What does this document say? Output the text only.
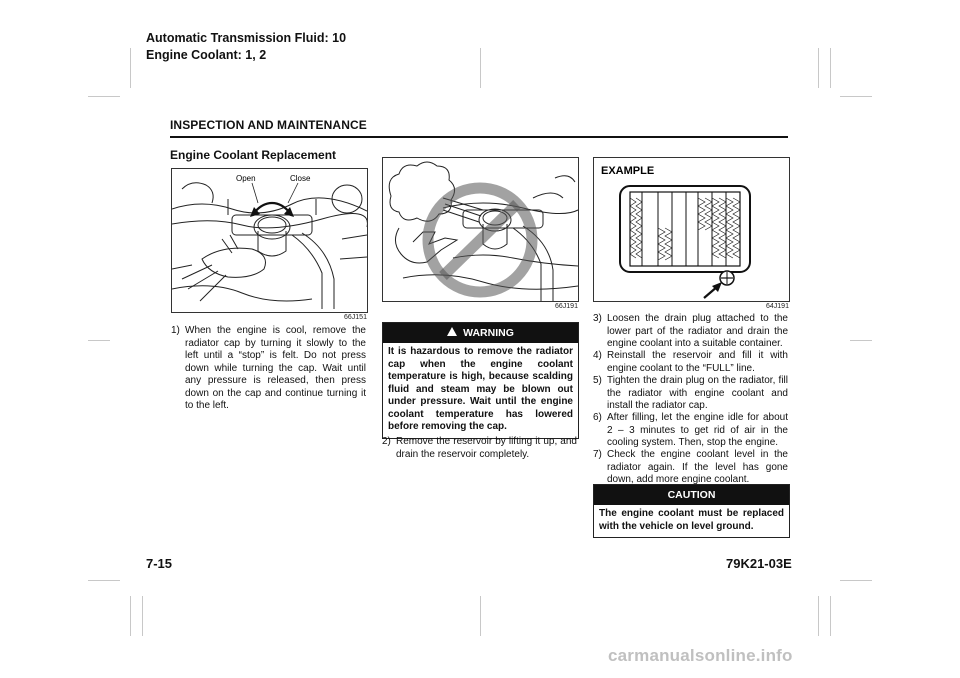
Automatic Transmission Fluid: 10
Engine Coolant: 1, 2
INSPECTION AND MAINTENANCE
Engine Coolant Replacement
Open	Close
66J151
66J191
EXAMPLE
64J191
1) When the engine is cool, remove the radiator cap by turning it slowly to the left until a “stop” is felt. Do not press down while turning the cap. Wait until any pressure is released, then press down on the cap and continue turning it to the left.
WARNING
It is hazardous to remove the radiator cap when the engine coolant temperature is high, because scalding fluid and steam may be blown out under pressure. Wait until the engine coolant temperature has lowered before removing the cap.
2) Remove the reservoir by lifting it up, and drain the reservoir completely.
3) Loosen the drain plug attached to the lower part of the radiator and drain the engine coolant into a suitable container.
4) Reinstall the reservoir and fill it with engine coolant to the “FULL” line.
5) Tighten the drain plug on the radiator, fill the radiator with engine coolant and install the radiator cap.
6) After filling, let the engine idle for about 2 – 3 minutes to get rid of air in the cooling system. Then, stop the engine.
7) Check the engine coolant level in the radiator again. If the level has gone down, add more engine coolant.
CAUTION
The engine coolant must be replaced with the vehicle on level ground.
7-15	79K21-03E
carmanualsonline.info
